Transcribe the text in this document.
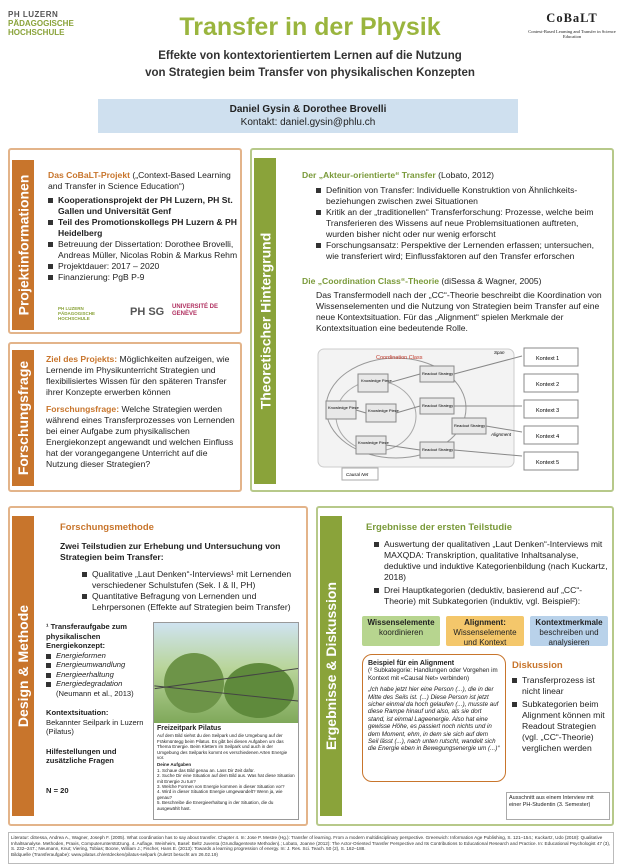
PH LUZERN
PÄDAGOGISCHE
HOCHSCHULE	Transfer in der Physik
Effekte von kontextorientiertem Lernen auf die Nutzung
von Strategien beim Transfer von physikalischen Konzepten
CoBaLT
Context-Based Learning and Transfer in Science Education
Daniel Gysin & Dorothee Brovelli
Kontakt: daniel.gysin@phlu.ch
Projektinformationen Das CoBaLT-Projekt („Context-Based Learning and Transfer in Science Education“)
Kooperationsprojekt der PH Luzern, PH St. Gallen und Universität Genf
Teil des Promotionskollegs PH Luzern & PH Heidelberg
Betreuung der Dissertation: Dorothee Brovelli, Andreas Müller, Nicolas Robin & Markus Rehm
Projektdauer: 2017 – 2020
Finanzierung: PgB P-9
PH LUZERN PÄDAGOGISCHE HOCHSCHULE
PH SG UNIVERSITÉ DE GENÈVE
Forschungsfrage
Ziel des Projekts: Möglichkeiten aufzeigen, wie Lernende im Physikunterricht Strategien und flexibilisiertes Wissen für den späteren Transfer ihrer Konzepte erwerben können
Forschungsfrage: Welche Strategien werden während eines Transferprozesses von Lernenden bei einer Aufgabe zum physikalischen Energiekonzept angewandt und welchen Einfluss hat der vorangegangene Unterricht auf die Nutzung dieser Strategien?
Theoretischer Hintergrund
Der „Akteur-orientierte“ Transfer (Lobato, 2012)
Definition von Transfer: Individuelle Konstruktion von Ähnlichkeits-beziehungen zwischen zwei Situationen
Kritik an der „traditionellen“ Transferforschung: Prozesse, welche beim Transferieren des Wissens auf neue Problemsituationen auftreten, wurden bisher nicht oder nur wenig erforscht
Forschungsansatz: Perspektive der Lernenden erfassen; untersuchen, wie transferiert wird; Einflussfaktoren auf den Transfer erforschen
Die „Coordination Class“-Theorie (diSessa & Wagner, 2005)
Das Transfermodell nach der „CC“-Theorie beschreibt die Koordination von Wissenselementen und die Nutzung von Strategien beim Transfer auf eine neue Kontextsituation. Für das „Alignment“ spielen Merkmale der Kontextsituation eine bedeutende Rolle.
Coordination Class
Knowledge Piece
Knowledge Piece
Knowledge Piece
Knowledge Piece
Readout Strategy
Readout Strategy
Readout Strategy
Readout Strategy
Span
Alignment
Causal Net
Kontext 1
Kontext 2
Kontext 3
Kontext 4
Kontext 5
Design & Methode
Forschungsmethode
Zwei Teilstudien zur Erhebung und Untersuchung von Strategien beim Transfer:
Qualitative „Laut Denken“-Interviews¹ mit Lernenden verschiedener Schulstufen (Sek. I & II, PH)
Quantitative Befragung von Lernenden und Lehrpersonen (Effekte auf Strategien beim Transfer)
¹ Transferaufgabe zum physikalischen Energiekonzept:
Energieformen
Energieumwandlung
Energieerhaltung
Energiedegradation
(Neumann et al., 2013)
Kontextsituation:
Bekannter Seilpark in Luzern (Pilatus)
Hilfestellungen und zusätzliche Fragen
N = 20
Freizeitpark Pilatus
Auf dem Bild siehst du den Seilpark und die Umgebung auf der Fräkmüntegg beim Pilatus. Es gibt bei diesen Aufgaben um das Thema Energie. Beim Klettern im Seilpark und auch in der Umgebung des Seilparks kommt es verschiedenen Arten Energie vor.
Deine Aufgaben
1. Schaue das Bild genau an. Lass Dir Zeit dafür.
2. Suche Dir eine Situation auf dem Bild aus. Was hat diese Situation mit Energie zu tun?
3. Welche Formen von Energie kommen in dieser Situation vor?
4. Wird in dieser Situation Energie umgewandelt? Wenn ja, wie genau?
5. Beschreibe die Energieerhaltung in der Situation, die du ausgewählt hast.
Ergebnisse & Diskussion
Ergebnisse der ersten Teilstudie
Auswertung der qualitativen „Laut Denken“-Interviews mit MAXQDA: Transkription, qualitative Inhaltsanalyse, deduktive und induktive Kategorienbildung (nach Kuckartz, 2018)
Drei Hauptkategorien (deduktiv, basierend auf „CC“-Theorie) mit Subkategorien (induktiv, vgl. Beispiel²):
Wissenselemente
koordinieren
Alignment:
Wissenselemente und Kontext
Kontextmerkmale
beschreiben und analysieren
Beispiel für ein Alignment
(² Subkategorie: Handlungen oder Vorgehen im Kontext mit «Causal Net» verbinden)
„Ich habe jetzt hier eine Person (...), die in der Mitte des Seils ist. (...) Diese Person ist jetzt sicher einmal da hoch gelaufen (...), musste auf diese Rampe hinauf und also, als sie dort stand, ist einmal Lageenergie. Also hat eine gewisse Höhe, es passiert noch nichts und in dem Moment, ehm, in dem sie sich auf dem Seil lässt (...), nach unten rutscht, wandelt sich die Energie eben in Bewegungsenergie um (...)“
Diskussion
Transferprozess ist nicht linear
Subkategorien beim Alignment können mit Readout Strategien (vgl. „CC“-Theorie) verglichen werden
Ausschnitt aus einem Interview mit einer PH-Studentin (3. Semester)
Literatur: diSessa, Andrea A., Wagner, Joseph F. (2005). What coordination has to say about transfer. Chapter 4. In: Jose P. Mestre (Hg.): Transfer of learning. From a modern multidisciplinary perspective. Greenwich: Information Age Publishing, S. 121–154.; Kuckartz, Udo (2018): Qualitative Inhaltsanalyse. Methoden, Praxis, Computerunterstützung. 4. Auflage. Weinheim, Basel: Beltz Juventa (Grundlagentexte Methoden).; Lobato, Joanne (2012): The Actor-Oriented Transfer Perspective and Its Contributions to Educational Research and Practice. In: Educational Psychologist 47 (3), S. 232–247.; Neumann, Knut; Viering, Tobias; Boone, William J.; Fischer, Hans E. (2013): Towards a learning progression of energy. In: J. Res. Sci. Teach. 50 (2), S. 162–188.
Bildquelle (Transferaufgabe): www.pilatus.ch/entdecken/pilatus-seilpark (zuletzt besucht am 26.02.19)
